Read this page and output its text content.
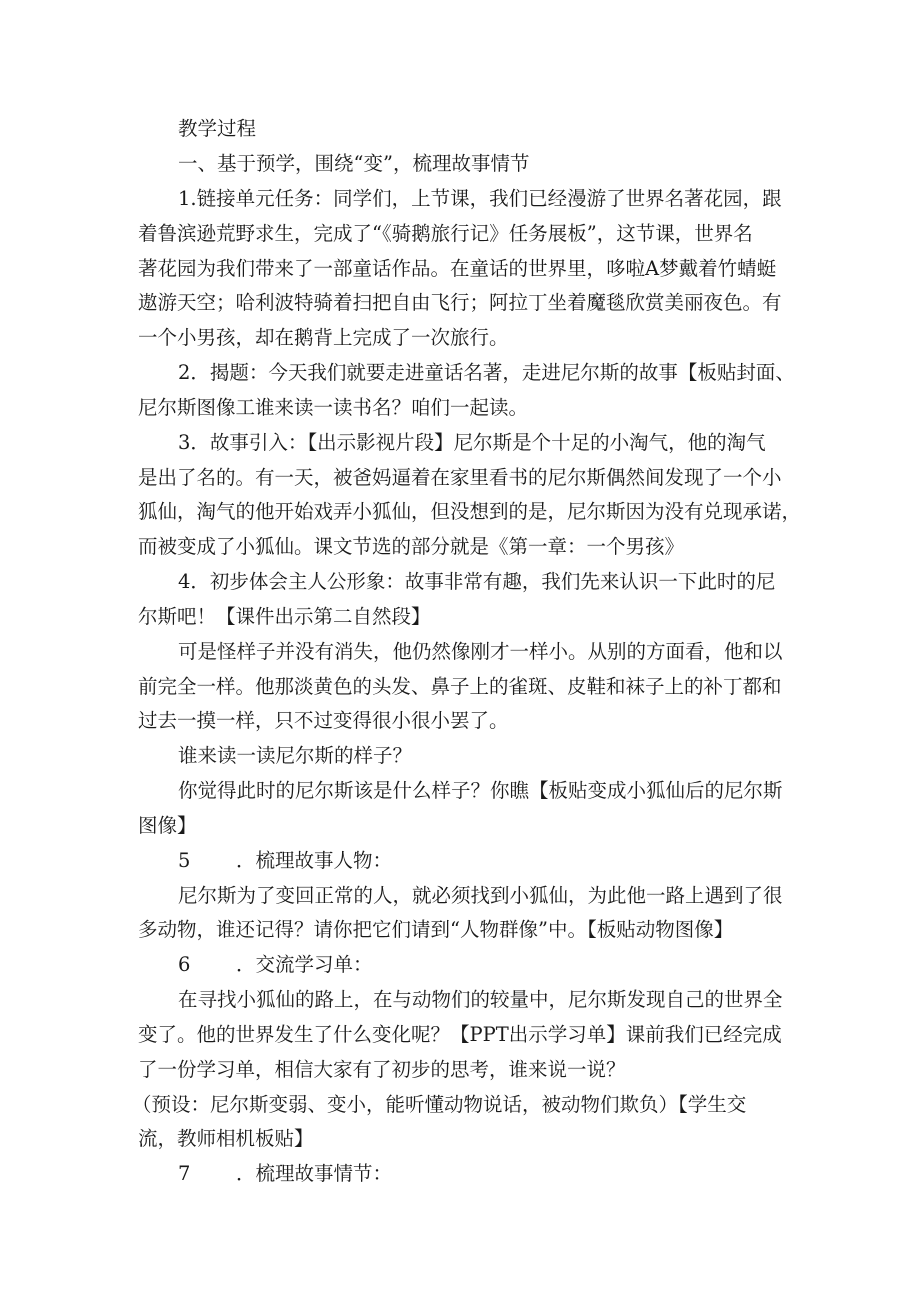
教学过程
一、基于预学，围绕“变”，梳理故事情节
1.链接单元任务：同学们，上节课，我们已经漫游了世界名著花园，跟
着鲁滨逊荒野求生，完成了“《骑鹅旅行记》任务展板”，这节课，世界名
著花园为我们带来了一部童话作品。在童话的世界里，哆啦A梦戴着竹蜻蜓
遨游天空；哈利波特骑着扫把自由飞行；阿拉丁坐着魔毯欣赏美丽夜色。有
一个小男孩，却在鹅背上完成了一次旅行。
2．揭题：今天我们就要走进童话名著，走进尼尔斯的故事【板贴封面、
尼尔斯图像工谁来读一读书名？咱们一起读。
3．故事引入：【出示影视片段】尼尔斯是个十足的小淘气，他的淘气
是出了名的。有一天，被爸妈逼着在家里看书的尼尔斯偶然间发现了一个小
狐仙，淘气的他开始戏弄小狐仙，但没想到的是，尼尔斯因为没有兑现承诺，
而被变成了小狐仙。课文节选的部分就是《第一章：一个男孩》
4．初步体会主人公形象：故事非常有趣，我们先来认识一下此时的尼
尔斯吧！【课件出示第二自然段】
可是怪样子并没有消失，他仍然像刚才一样小。从别的方面看，他和以
前完全一样。他那淡黄色的头发、鼻子上的雀斑、皮鞋和袜子上的补丁都和
过去一摸一样，只不过变得很小很小罢了。
谁来读一读尼尔斯的样子？
你觉得此时的尼尔斯该是什么样子？你瞧【板贴变成小狐仙后的尼尔斯
图像】
5 ．梳理故事人物：
尼尔斯为了变回正常的人，就必须找到小狐仙，为此他一路上遇到了很
多动物，谁还记得？请你把它们请到“人物群像”中。【板贴动物图像】
6 ．交流学习单：
在寻找小狐仙的路上，在与动物们的较量中，尼尔斯发现自己的世界全
变了。他的世界发生了什么变化呢？【PPT出示学习单】课前我们已经完成
了一份学习单，相信大家有了初步的思考，谁来说一说？
（预设：尼尔斯变弱、变小，能听懂动物说话，被动物们欺负）【学生交
流，教师相机板贴】
7 ．梳理故事情节：
